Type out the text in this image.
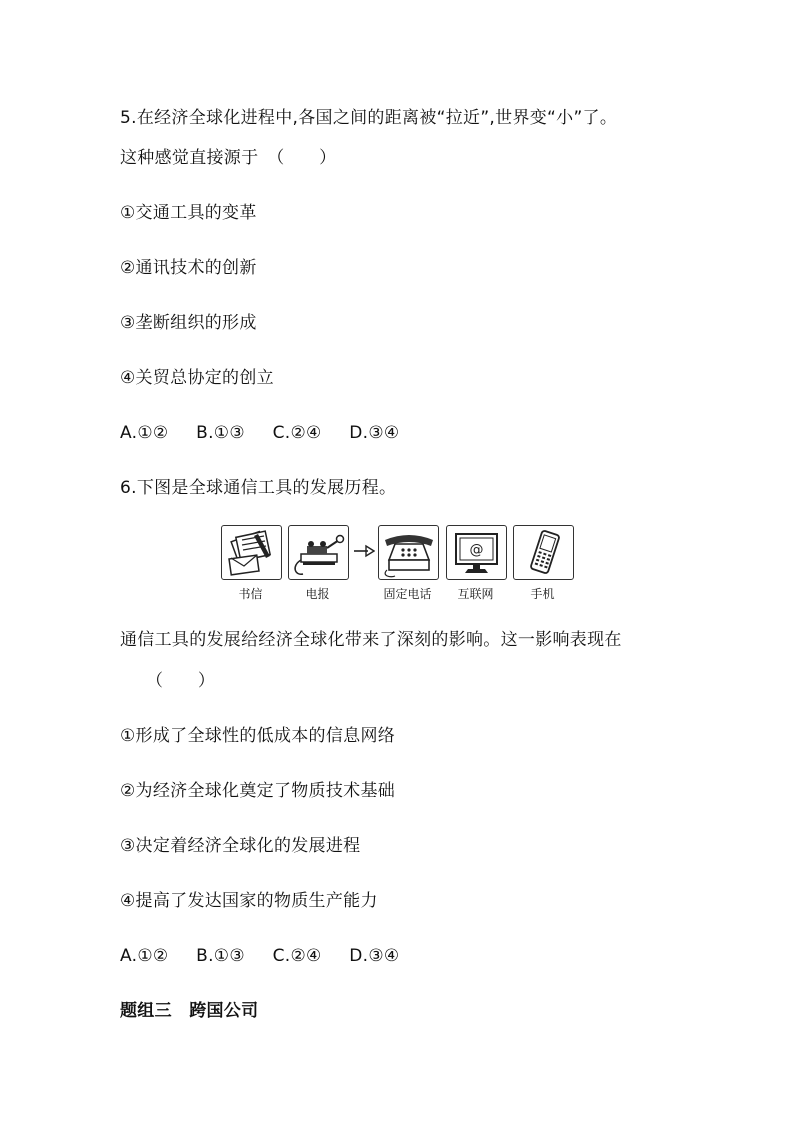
5.在经济全球化进程中,各国之间的距离被“拉近”,世界变“小”了。
这种感觉直接源于　（　　）
①交通工具的变革
②通讯技术的创新
③垄断组织的形成
④关贸总协定的创立
A.①② B.①③ C.②④ D.③④
6.下图是全球通信工具的发展历程。
书信	电报	固定电话
@
互联网	手机
通信工具的发展给经济全球化带来了深刻的影响。这一影响表现在
（　　）
①形成了全球性的低成本的信息网络
②为经济全球化奠定了物质技术基础
③决定着经济全球化的发展进程
④提高了发达国家的物质生产能力
A.①② B.①③ C.②④ D.③④
题组三　跨国公司
